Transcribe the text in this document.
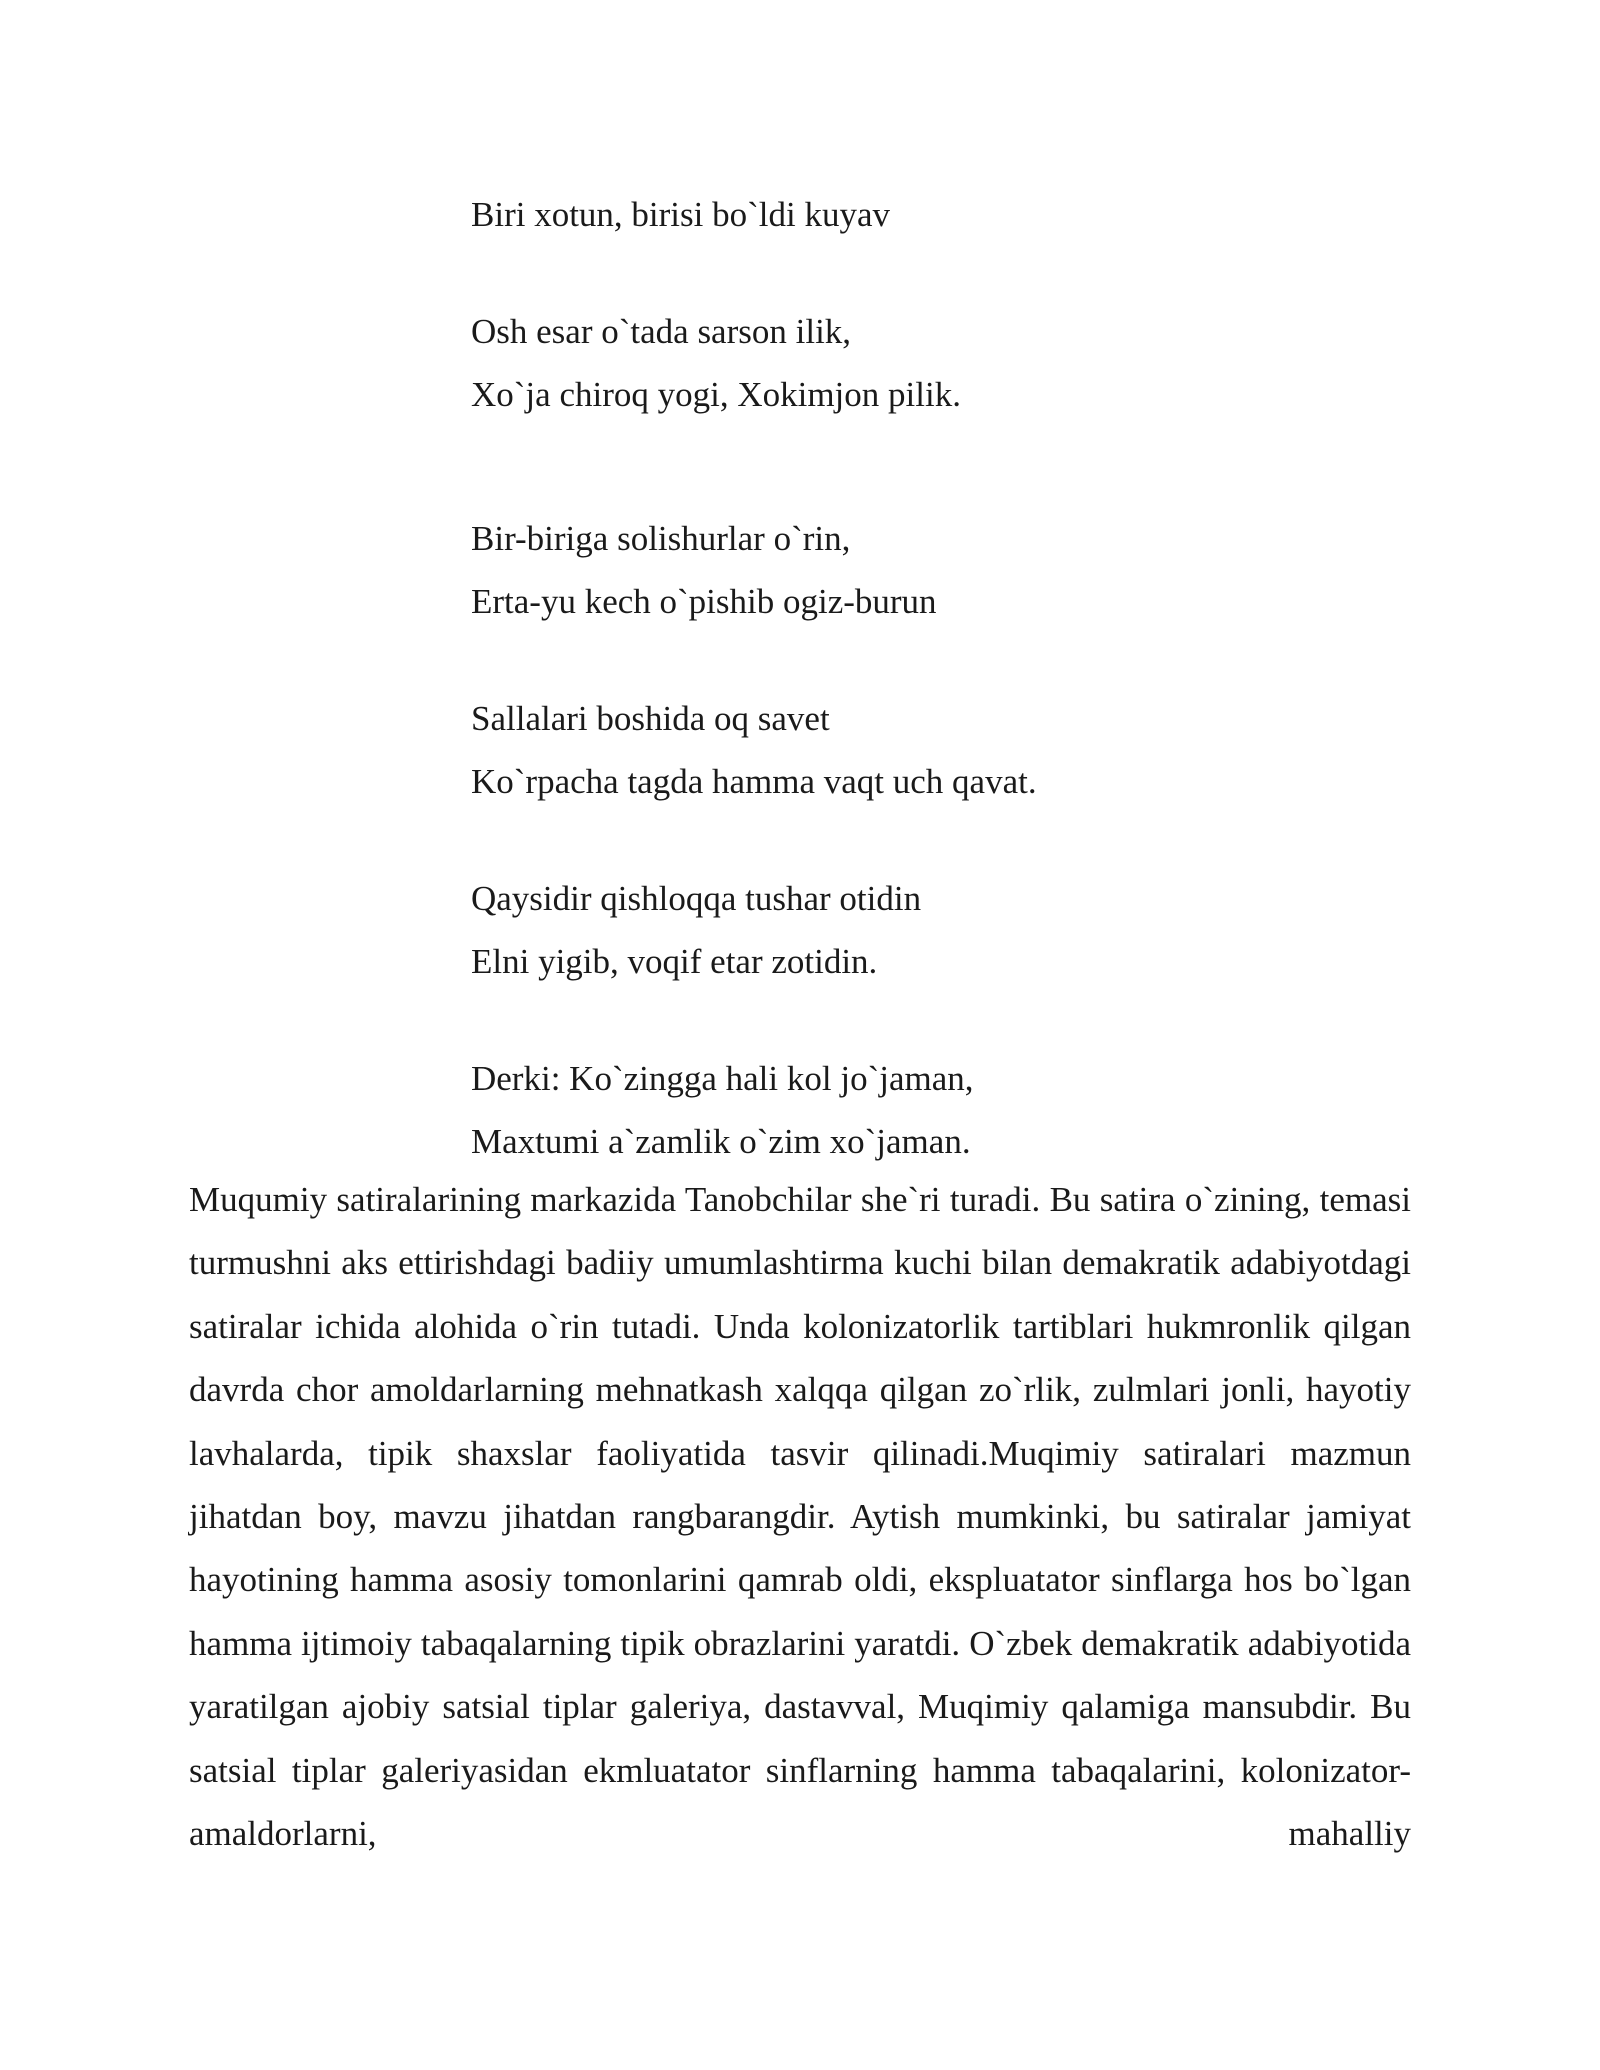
Biri xotun, birisi bo`ldi kuyav
Osh esar o`tada sarson ilik,
Xo`ja chiroq yogi, Xokimjon pilik.
Bir-biriga solishurlar o`rin,
Erta-yu kech o`pishib ogiz-burun
Sallalari boshida oq savet
Ko`rpacha tagda hamma vaqt uch qavat.
Qaysidir qishloqqa tushar otidin
Elni yigib, voqif etar zotidin.
Derki: Ko`zingga hali kol jo`jaman,
Maxtumi a`zamlik o`zim xo`jaman.

Muqumiy satiralarining markazida Tanobchilar she`ri turadi. Bu satira o`zining, temasi turmushni aks ettirishdagi badiiy umumlashtirma kuchi bilan demakratik adabiyotdagi satiralar ichida alohida o`rin tutadi. Unda kolonizatorlik tartiblari hukmronlik qilgan davrda chor amoldarlarning mehnatkash xalqqa qilgan zo`rlik, zulmlari jonli, hayotiy lavhalarda, tipik shaxslar faoliyatida tasvir qilinadi.Muqimiy satiralari mazmun jihatdan boy, mavzu jihatdan rangbarangdir. Aytish mumkinki, bu satiralar jamiyat hayotining hamma asosiy tomonlarini qamrab oldi, ekspluatator sinflarga hos bo`lgan hamma ijtimoiy tabaqalarning tipik obrazlarini yaratdi. O`zbek demakratik adabiyotida yaratilgan ajobiy satsial tiplar galeriya, dastavval, Muqimiy qalamiga mansubdir. Bu satsial tiplar galeriyasidan ekmluatator sinflarning hamma tabaqalarini, kolonizator-amaldorlarni, mahalliy
